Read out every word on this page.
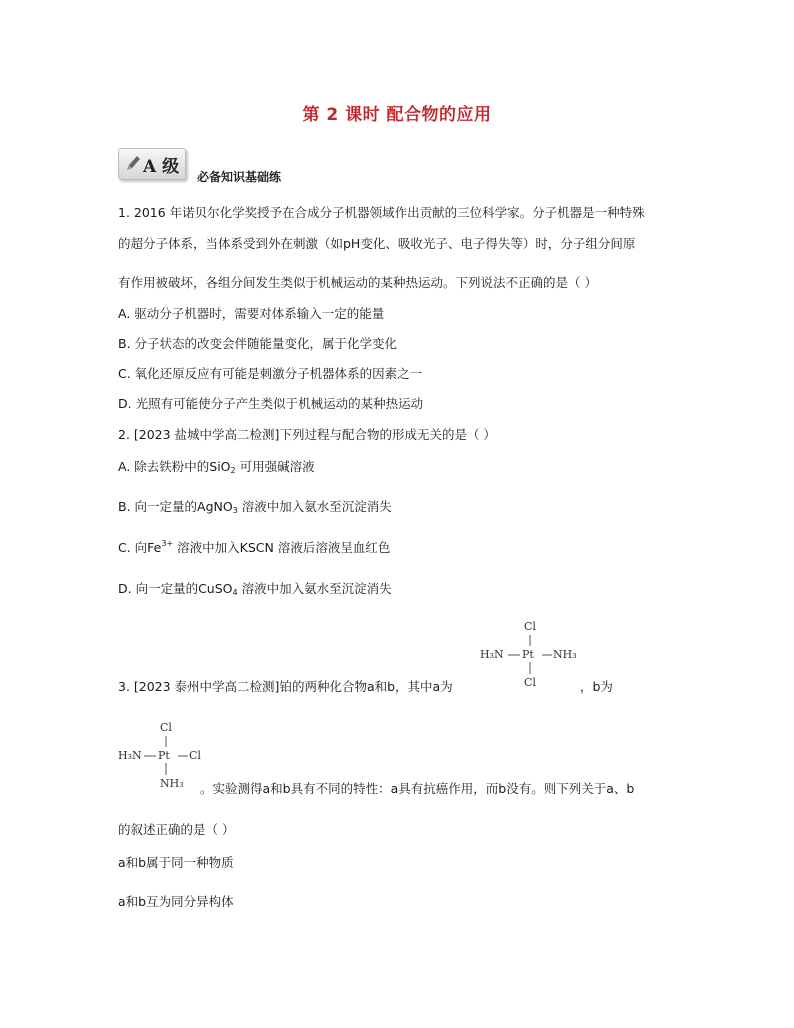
第 2 课时 配合物的应用
A 级 必备知识基础练
1. 2016 年诺贝尔化学奖授予在合成分子机器领域作出贡献的三位科学家。分子机器是一种特殊
的超分子体系，当体系受到外在刺激（如pH变化、吸收光子、电子得失等）时，分子组分间原
有作用被破坏，各组分间发生类似于机械运动的某种热运动。下列说法不正确的是（ ）
A. 驱动分子机器时，需要对体系输入一定的能量
B. 分子状态的改变会伴随能量变化，属于化学变化
C. 氧化还原反应有可能是刺激分子机器体系的因素之一
D. 光照有可能使分子产生类似于机械运动的某种热运动
2. [2023 盐城中学高二检测]下列过程与配合物的形成无关的是（ ）
A. 除去铁粉中的SiO$_2$ 可用强碱溶液
B. 向一定量的AgNO$_3$ 溶液中加入氨水至沉淀消失
C. 向$Fe^{3+}$ 溶液中加入KSCN 溶液后溶液呈血红色
D. 向一定量的CuSO$_4$ 溶液中加入氨水至沉淀消失
3. [2023 泰州中学高二检测]铂的两种化合物a和b，其中a为
Cl
H₃N Pt NH₃
Cl	，b为
Cl
H₃N Pt Cl
NH₃ 。实验测得a和b具有不同的特性：a具有抗癌作用，而b没有。则下列关于a、b
的叙述正确的是（ ）
a和b属于同一种物质
a和b互为同分异构体
